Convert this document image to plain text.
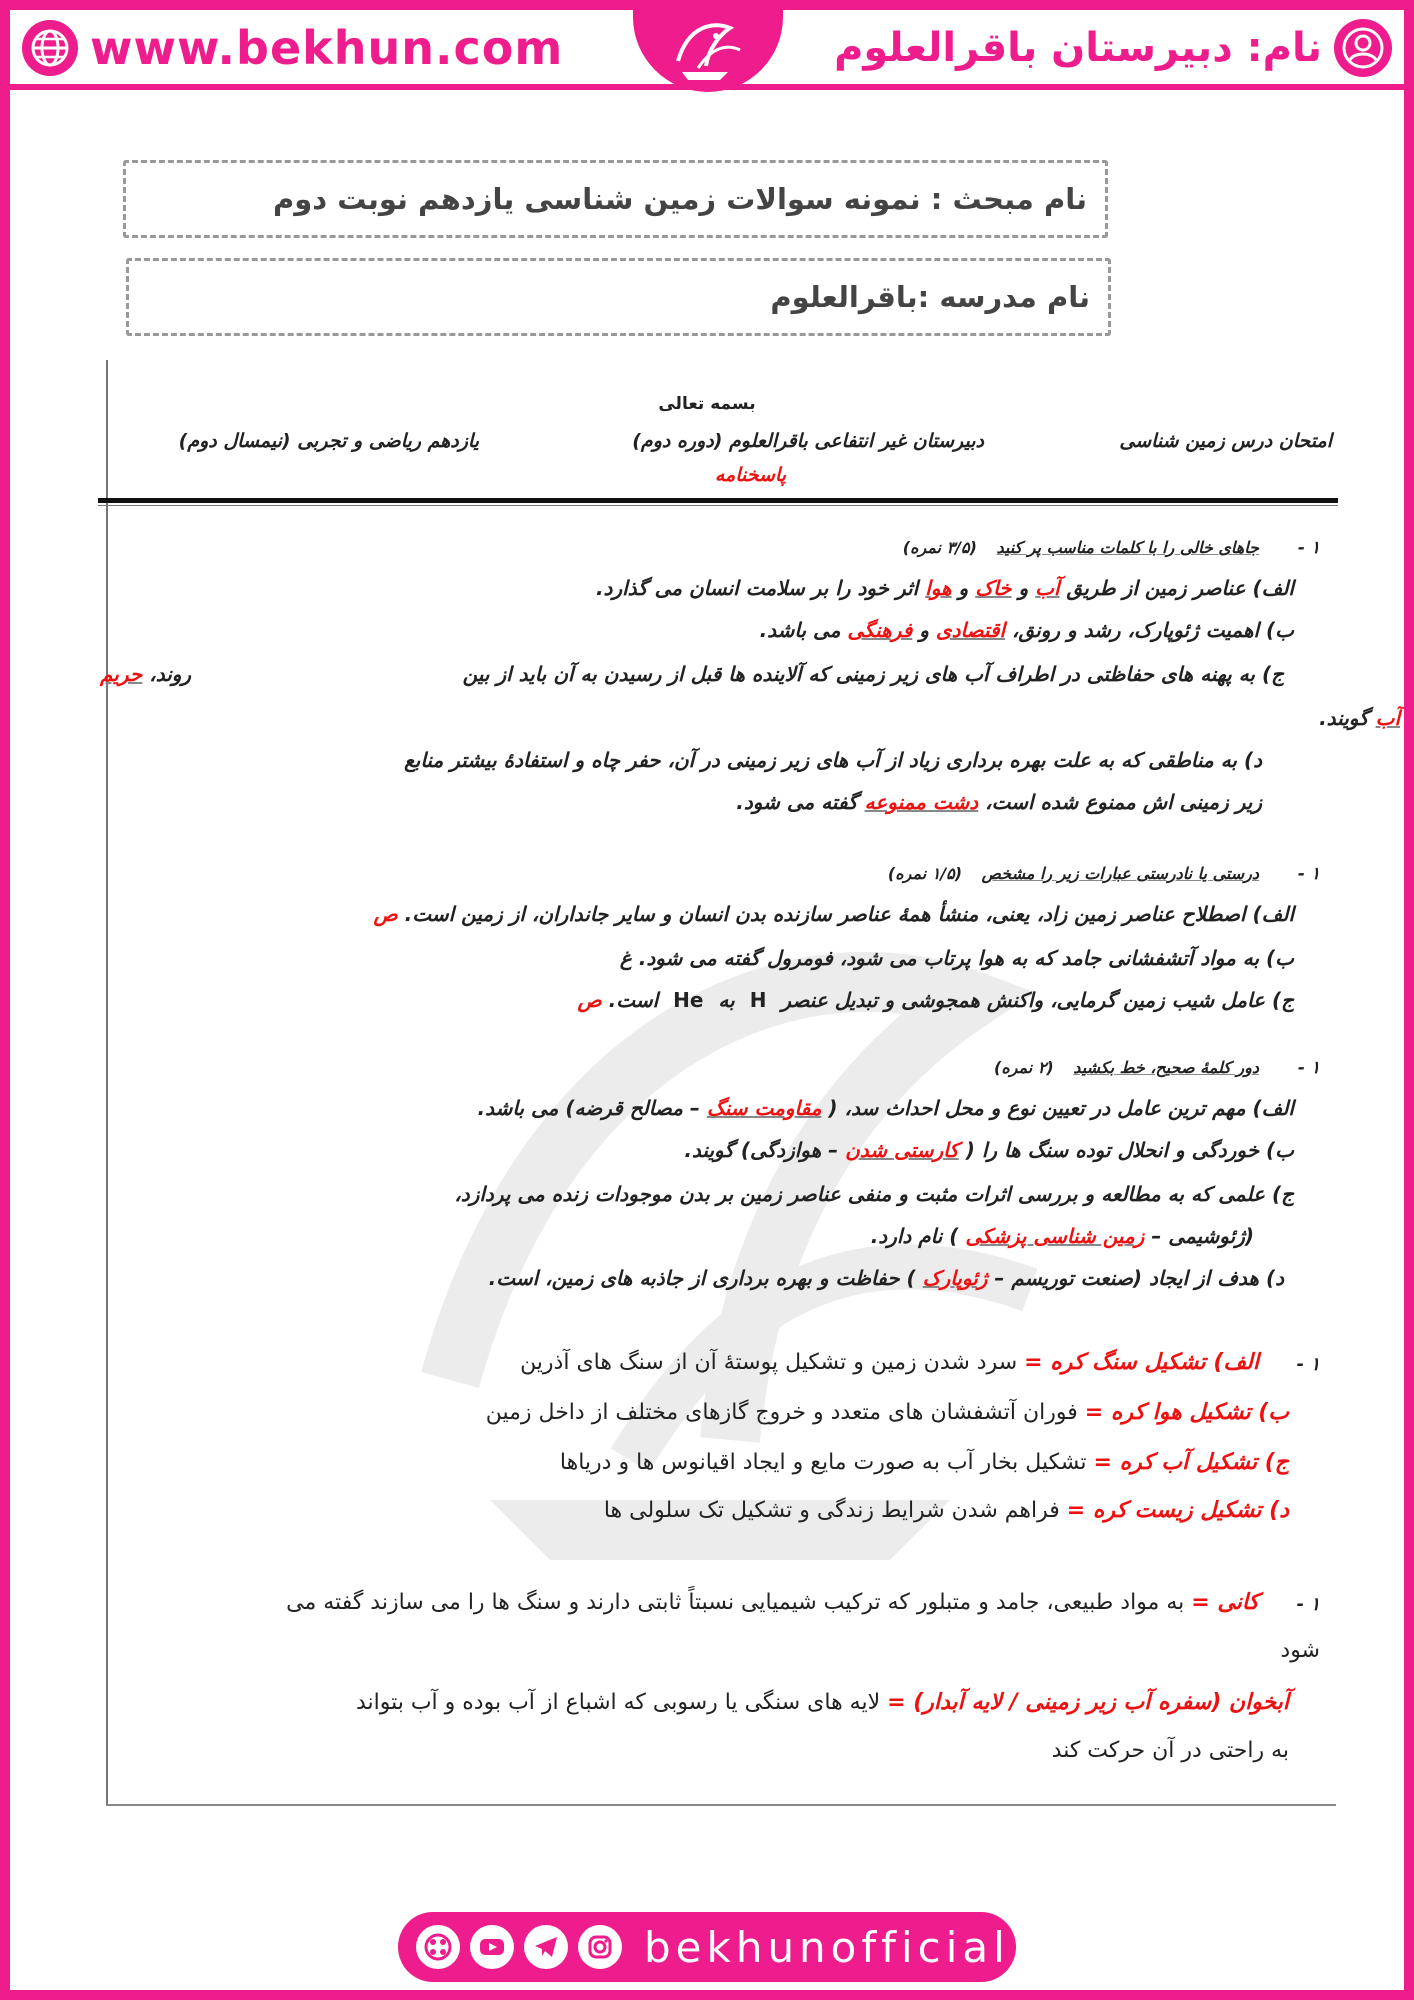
www.bekhun.com	نام: دبیرستان باقرالعلوم
نام مبحث : نمونه سوالات زمین شناسی یازدهم نوبت دوم
نام مدرسه :باقرالعلوم
بسمه تعالی
امتحان درس زمین شناسی
دبیرستان غیر انتفاعی باقرالعلوم (دوره دوم)
یازدهم ریاضی و تجربی (نیمسال دوم)
پاسخنامه
۱ -
جاهای خالی را با کلمات مناسب پر کنید (۳/۵ نمره)
الف) عناصر زمین از طریق آب و خاک و هوا اثر خود را بر سلامت انسان می گذارد.
ب) اهمیت ژئوپارک، رشد و رونق، اقتصادی و فرهنگی می باشد.
ج) به پهنه های حفاظتی در اطراف آب های زیر زمینی که آلاینده ها قبل از رسیدن به آن باید از بین
روند، حریم
آب گویند.
د) به مناطقی که به علت بهره برداری زیاد از آب های زیر زمینی در آن، حفر چاه و استفادهٔ بیشتر منابع
زیر زمینی اش ممنوع شده است، دشت ممنوعه گفته می شود.
۱ -
درستی یا نادرستی عبارات زیر را مشخص (۱/۵ نمره)
الف) اصطلاح عناصر زمین زاد، یعنی، منشأ همهٔ عناصر سازنده بدن انسان و سایر جانداران، از زمین است. ص
ب) به مواد آتشفشانی جامد که به هوا پرتاب می شود، فومرول گفته می شود. غ
ج) عامل شیب زمین گرمایی، واکنش همجوشی و تبدیل عنصر H به He است. ص
۱ -
دور کلمهٔ صحیح، خط بکشید (۲ نمره)
الف) مهم ترین عامل در تعیین نوع و محل احداث سد، ( مقاومت سنگ – مصالح قرضه) می باشد.
ب) خوردگی و انحلال توده سنگ ها را ( کارستی شدن – هوازدگی) گویند.
ج) علمی که به مطالعه و بررسی اثرات مثبت و منفی عناصر زمین بر بدن موجودات زنده می پردازد،
(ژئوشیمی – زمین شناسی پزشکی ) نام دارد.
د) هدف از ایجاد (صنعت توریسم – ژئوپارک ) حفاظت و بهره برداری از جاذبه های زمین، است.
۱ -
الف) تشکیل سنگ کره = سرد شدن زمین و تشکیل پوستهٔ آن از سنگ های آذرین
ب) تشکیل هوا کره = فوران آتشفشان های متعدد و خروج گازهای مختلف از داخل زمین
ج) تشکیل آب کره = تشکیل بخار آب به صورت مایع و ایجاد اقیانوس ها و دریاها
د) تشکیل زیست کره = فراهم شدن شرایط زندگی و تشکیل تک سلولی ها
۱ -
کانی = به مواد طبیعی، جامد و متبلور که ترکیب شیمیایی نسبتاً ثابتی دارند و سنگ ها را می سازند گفته می
شود
آبخوان (سفره آب زیر زمینی / لایه آبدار) = لایه های سنگی یا رسوبی که اشباع از آب بوده و آب بتواند
به راحتی در آن حرکت کند
bekhunofficial
